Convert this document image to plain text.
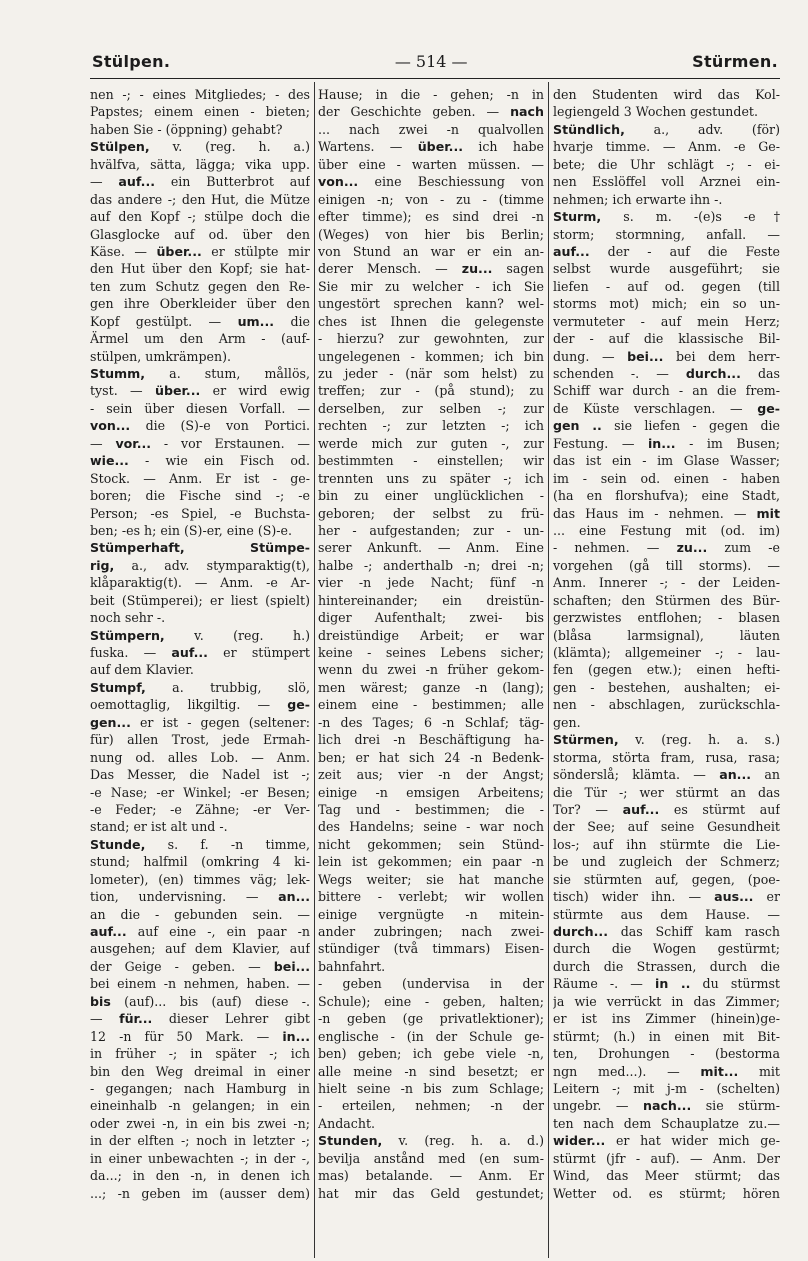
Stülpen.	— 514 —	Stürmen.
nen -; - eines Mitgliedes; - des
Papstes; einem einen - bieten;
haben Sie - (öppning) gehabt?
Stülpen, v. (reg. h. a.)
hvälfva, sätta, lägga; vika upp.
— auf... ein Butterbrot auf
das andere -; den Hut, die Mütze
auf den Kopf -; stülpe doch die
Glasglocke auf od. über den
Käse. — über... er stülpte mir
den Hut über den Kopf; sie hat-
ten zum Schutz gegen den Re-
gen ihre Oberkleider über den
Kopf gestülpt. — um... die
Ärmel um den Arm - (auf-
stülpen, umkrämpen).
Stumm, a. stum, mållös,
tyst. — über... er wird ewig
- sein über diesen Vorfall. —
von... die (S)-e von Portici.
— vor... - vor Erstaunen. —
wie... - wie ein Fisch od.
Stock. — Anm. Er ist - ge-
boren; die Fische sind -; -e
Person; -es Spiel, -e Buchsta-
ben; -es h; ein (S)-er, eine (S)-e.
Stümperhaft, Stümpe-
rig, a., adv. stymparaktig(t),
klåparaktig(t). — Anm. -e Ar-
beit (Stümperei); er liest (spielt)
noch sehr -.
Stümpern, v. (reg. h.)
fuska. — auf... er stümpert
auf dem Klavier.
Stumpf, a. trubbig, slö,
oemottaglig, likgiltig. — ge-
gen... er ist - gegen (seltener:
für) allen Trost, jede Ermah-
nung od. alles Lob. — Anm.
Das Messer, die Nadel ist -;
-e Nase; -er Winkel; -er Besen;
-e Feder; -e Zähne; -er Ver-
stand; er ist alt und -.
Stunde, s. f. -n timme,
stund; halfmil (omkring 4 ki-
lometer), (en) timmes väg; lek-
tion, undervisning. — an...
an die - gebunden sein. —
auf... auf eine -, ein paar -n
ausgehen; auf dem Klavier, auf
der Geige - geben. — bei...
bei einem -n nehmen, haben. —
bis (auf)... bis (auf) diese -.
— für... dieser Lehrer gibt
12 -n für 50 Mark. — in...
in früher -; in später -; ich
bin den Weg dreimal in einer
- gegangen; nach Hamburg in
eineinhalb -n gelangen; in ein
oder zwei -n, in ein bis zwei -n;
in der elften -; noch in letzter -;
in einer unbewachten -; in der -,
da...; in den -n, in denen ich
...; -n geben im (ausser dem)
Hause; in die - gehen; -n in
der Geschichte geben. — nach
... nach zwei -n qualvollen
Wartens. — über... ich habe
über eine - warten müssen. —
von... eine Beschiessung von
einigen -n; von - zu - (timme
efter timme); es sind drei -n
(Weges) von hier bis Berlin;
von Stund an war er ein an-
derer Mensch. — zu... sagen
Sie mir zu welcher - ich Sie
ungestört sprechen kann? wel-
ches ist Ihnen die gelegenste
- hierzu? zur gewohnten, zur
ungelegenen - kommen; ich bin
zu jeder - (när som helst) zu
treffen; zur - (på stund); zu
derselben, zur selben -; zur
rechten -; zur letzten -; ich
werde mich zur guten -, zur
bestimmten - einstellen; wir
trennten uns zu später -; ich
bin zu einer unglücklichen -
geboren; der selbst zu frü-
her - aufgestanden; zur - un-
serer Ankunft. — Anm. Eine
halbe -; anderthalb -n; drei -n;
vier -n jede Nacht; fünf -n
hintereinander; ein dreistün-
diger Aufenthalt; zwei- bis
dreistündige Arbeit; er war
keine - seines Lebens sicher;
wenn du zwei -n früher gekom-
men wärest; ganze -n (lang);
einem eine - bestimmen; alle
-n des Tages; 6 -n Schlaf; täg-
lich drei -n Beschäftigung ha-
ben; er hat sich 24 -n Bedenk-
zeit aus; vier -n der Angst;
einige -n emsigen Arbeitens;
Tag und - bestimmen; die -
des Handelns; seine - war noch
nicht gekommen; sein Stünd-
lein ist gekommen; ein paar -n
Wegs weiter; sie hat manche
bittere - verlebt; wir wollen
einige vergnügte -n mitein-
ander zubringen; nach zwei-
stündiger (två timmars) Eisen-
bahnfahrt.
- geben (undervisa in der
Schule); eine - geben, halten;
-n geben (ge privatlektioner);
englische - (in der Schule ge-
ben) geben; ich gebe viele -n,
alle meine -n sind besetzt; er
hielt seine -n bis zum Schlage;
- erteilen, nehmen; -n der
Andacht.
Stunden, v. (reg. h. a. d.)
bevilja anstånd med (en sum-
mas) betalande. — Anm. Er
hat mir das Geld gestundet;
den Studenten wird das Kol-
legiengeld 3 Wochen gestundet.
Stündlich, a., adv. (för)
hvarje timme. — Anm. -e Ge-
bete; die Uhr schlägt -; - ei-
nen Esslöffel voll Arznei ein-
nehmen; ich erwarte ihn -.
Sturm, s. m. -(e)s -e†
storm; stormning, anfall. —
auf... der - auf die Feste
selbst wurde ausgeführt; sie
liefen - auf od. gegen (till
storms mot) mich; ein so un-
vermuteter - auf mein Herz;
der - auf die klassische Bil-
dung. — bei... bei dem herr-
schenden -. — durch... das
Schiff war durch - an die frem-
de Küste verschlagen. — ge-
gen .. sie liefen - gegen die
Festung. — in... - im Busen;
das ist ein - im Glase Wasser;
im - sein od. einen - haben
(ha en florshufva); eine Stadt,
das Haus im - nehmen. — mit
... eine Festung mit (od. im)
- nehmen. — zu... zum -e
vorgehen (gå till storms). —
Anm. Innerer -; - der Leiden-
schaften; den Stürmen des Bür-
gerzwistes entflohen; - blasen
(blåsa larmsignal), läuten
(klämta); allgemeiner -; - lau-
fen (gegen etw.); einen hefti-
gen - bestehen, aushalten; ei-
nen - abschlagen, zurückschla-
gen.
Stürmen, v. (reg. h. a. s.)
storma, störta fram, rusa, rasa;
sönderslå; klämta. — an... an
die Tür -; wer stürmt an das
Tor? — auf... es stürmt auf
der See; auf seine Gesundheit
los-; auf ihn stürmte die Lie-
be und zugleich der Schmerz;
sie stürmten auf, gegen, (poe-
tisch) wider ihn. — aus... er
stürmte aus dem Hause. —
durch... das Schiff kam rasch
durch die Wogen gestürmt;
durch die Strassen, durch die
Räume -. — in .. du stürmst
ja wie verrückt in das Zimmer;
er ist ins Zimmer (hinein)ge-
stürmt; (h.) in einen mit Bit-
ten, Drohungen - (bestorma
ngn med...). — mit... mit
Leitern -; mit j-m - (schelten)
ungebr. — nach... sie stürm-
ten nach dem Schauplatze zu.—
wider... er hat wider mich ge-
stürmt (jfr - auf). — Anm. Der
Wind, das Meer stürmt; das
Wetter od. es stürmt; hören
